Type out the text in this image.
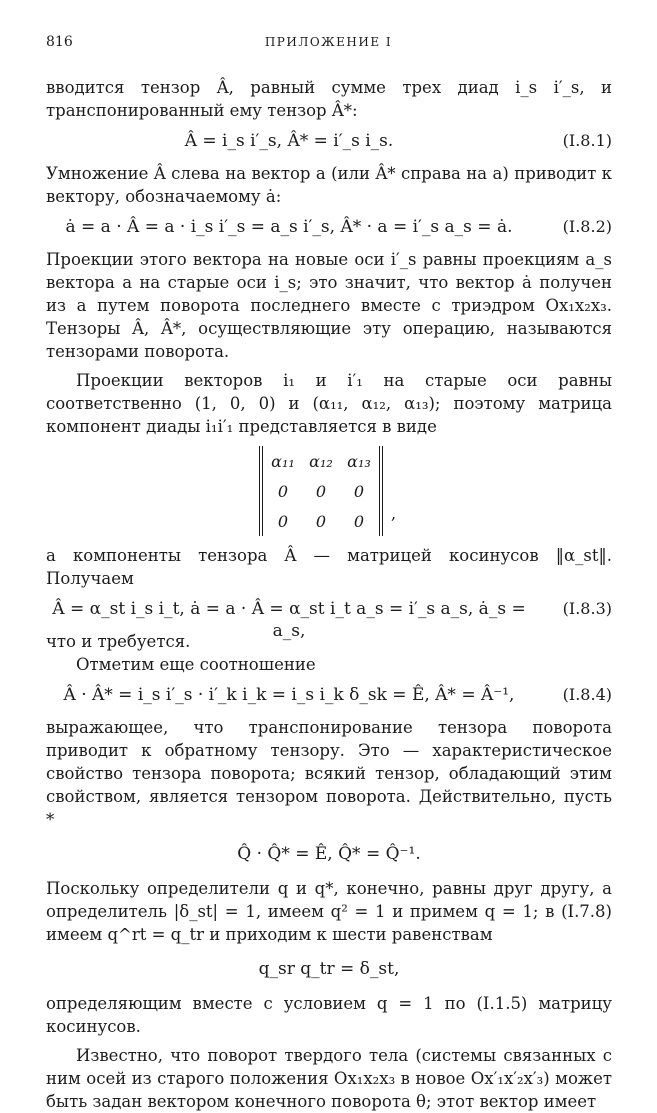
816	ПРИЛОЖЕНИЕ I

вводится тензор Â, равный сумме трех диад i_s i′_s, и транспонированный ему тензор Â*:

Â = i_s i′_s, Â* = i′_s i_s.	(I.8.1)

Умножение Â слева на вектор a (или Â* справа на a) приводит к вектору, обозначаемому ȧ:

ȧ = a · Â = a · i_s i′_s = a_s i′_s, Â* · a = i′_s a_s = ȧ.	(I.8.2)

Проекции этого вектора на новые оси i′_s равны проекциям a_s вектора a на старые оси i_s; это значит, что вектор ȧ получен из a путем поворота последнего вместе с триэдром Ox₁x₂x₃. Тензоры Â, Â*, осуществляющие эту операцию, называются тензорами поворота.

Проекции векторов i₁ и i′₁ на старые оси равны соответственно (1, 0, 0) и (α₁₁, α₁₂, α₁₃); поэтому матрица компонент диады i₁i′₁ представляется в виде

α₁₁ α₁₂ α₁₃
0	0	0
0	0	0	,

а компоненты тензора Â — матрицей косинусов ‖α_st‖. Получаем

Â = α_st i_s i_t, ȧ = a · Â = α_st i_t a_s = i′_s a_s, ȧ_s = a_s,
(I.8.3)

что и требуется.

Отметим еще соотношение

Â · Â* = i_s i′_s · i′_k i_k = i_s i_k δ_sk = Ê, Â* = Â⁻¹,	(I.8.4)

выражающее, что транспонирование тензора поворота приводит к обратному тензору. Это — характеристическое свойство тензора поворота; всякий тензор, обладающий этим свойством, является тензором поворота. Действительно, пусть *

Q̂ · Q̂* = Ê, Q̂* = Q̂⁻¹.

Поскольку определители q и q*, конечно, равны друг другу, а определитель |δ_st| = 1, имеем q² = 1 и примем q = 1; в (I.7.8) имеем q^rt = q_tr и приходим к шести равенствам

q_sr q_tr = δ_st,

определяющим вместе с условием q = 1 по (I.1.5) матрицу косинусов.

Известно, что поворот твердого тела (системы связанных с ним осей из старого положения Ox₁x₂x₃ в новое Ox′₁x′₂x′₃) может быть задан вектором конечного поворота θ; этот вектор имеет
